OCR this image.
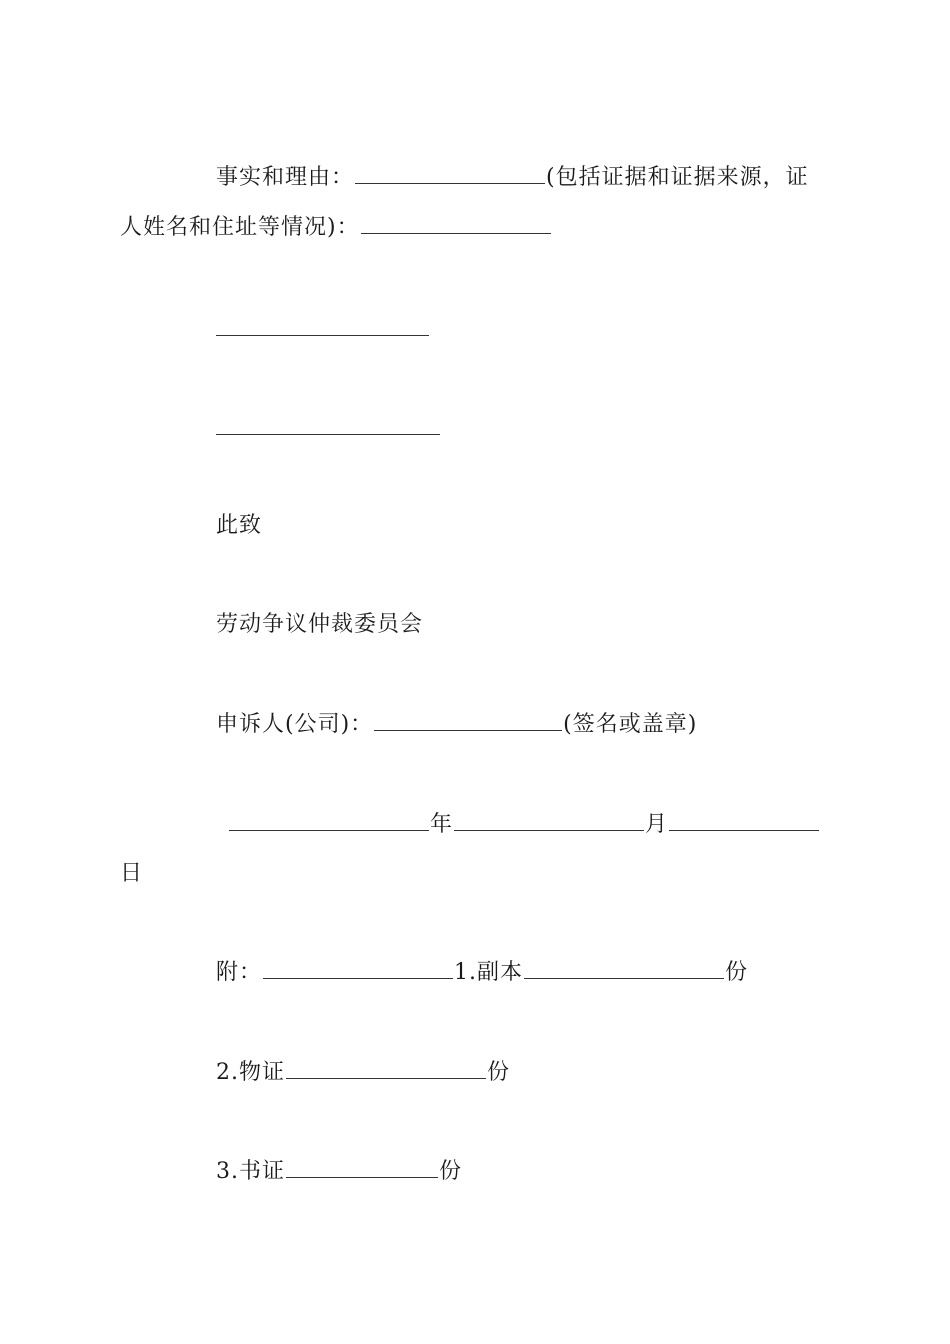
事实和理由：	(包括证据和证据来源，证
人姓名和住址等情况)：
此致
劳动争议仲裁委员会
申诉人(公司)：	(签名或盖章)
年	月
日
附：	1.副本	份
2.物证	份
3.书证	份
